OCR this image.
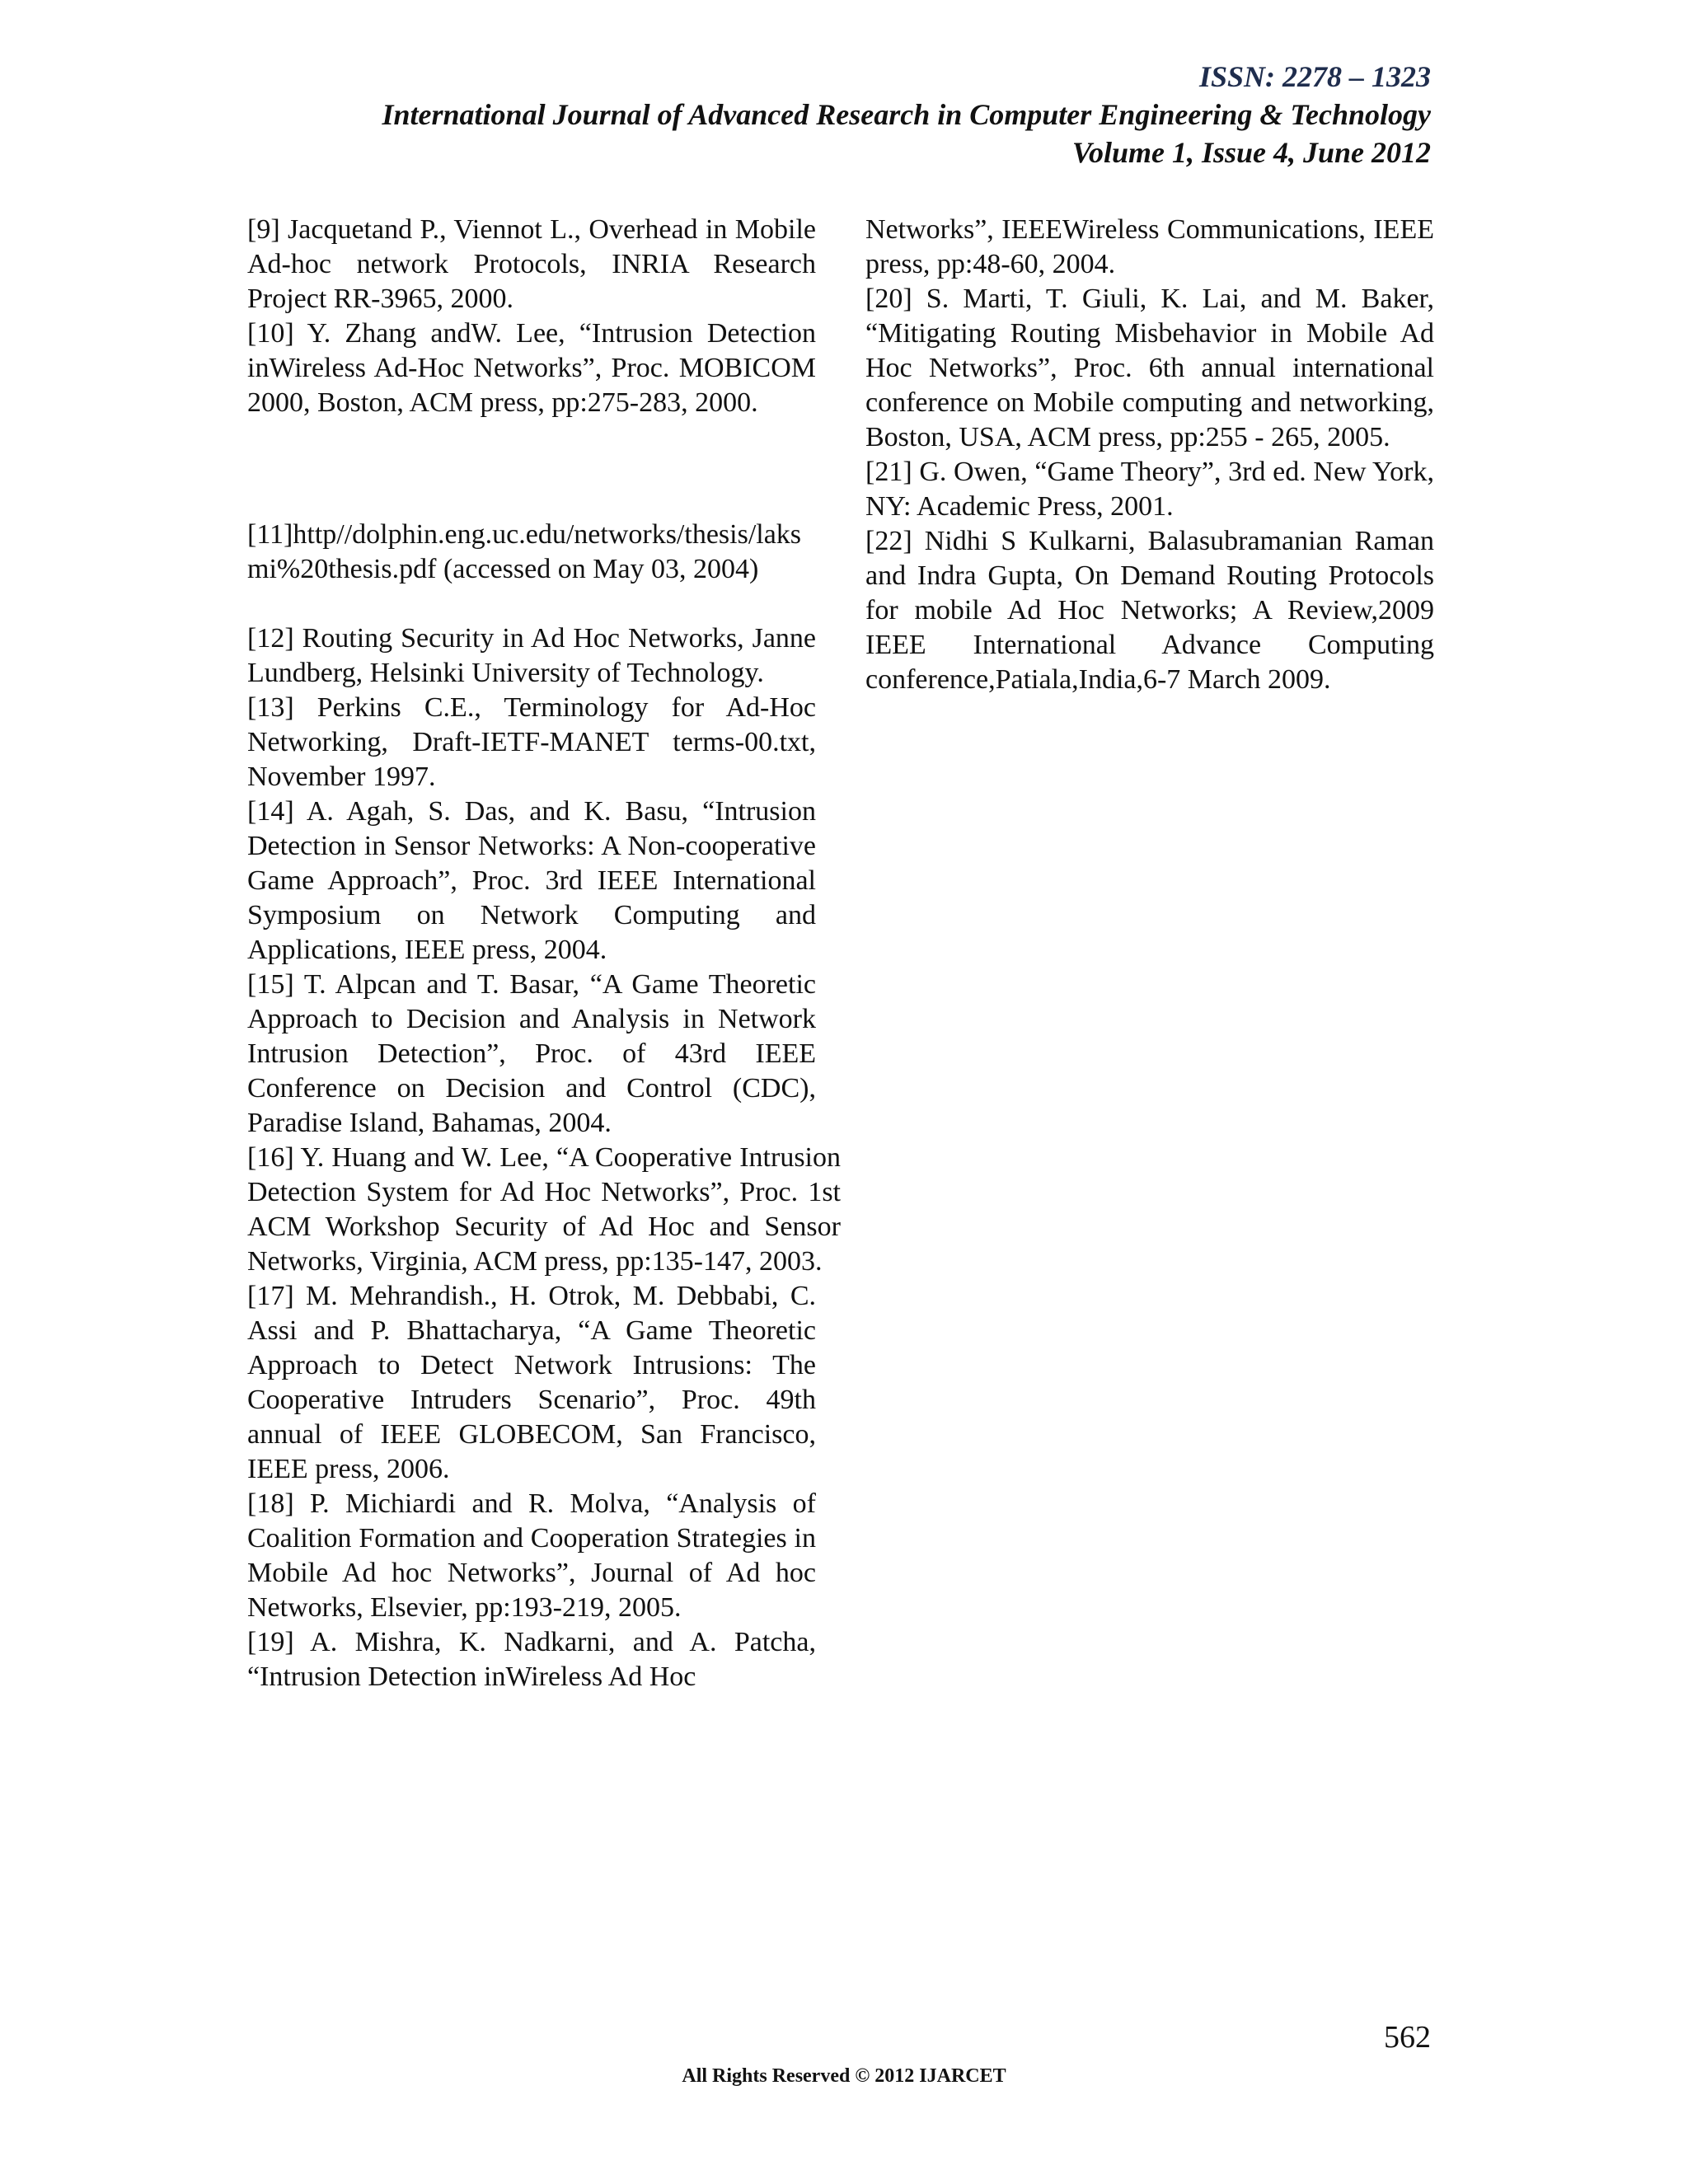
ISSN: 2278 – 1323
International Journal of Advanced Research in Computer Engineering & Technology
Volume 1, Issue 4, June 2012

[9] Jacquetand P., Viennot L., Overhead in Mobile Ad-hoc network Protocols, INRIA Research Project RR-3965, 2000.

[10] Y. Zhang andW. Lee, “Intrusion Detection inWireless Ad-Hoc Networks”, Proc. MOBICOM 2000, Boston, ACM press, pp:275-283, 2000.

[11]http//dolphin.eng.uc.edu/networks/thesis/laksmi%20thesis.pdf (accessed on May 03, 2004)

[12] Routing Security in Ad Hoc Networks, Janne Lundberg, Helsinki University of Technology.

[13] Perkins C.E., Terminology for Ad-Hoc Networking, Draft-IETF-MANET terms-00.txt, November 1997.

[14] A. Agah, S. Das, and K. Basu, “Intrusion Detection in Sensor Networks: A Non-cooperative Game Approach”, Proc. 3rd IEEE International Symposium on Network Computing and Applications, IEEE press, 2004.

[15] T. Alpcan and T. Basar, “A Game Theoretic Approach to Decision and Analysis in Network Intrusion Detection”, Proc. of 43rd IEEE Conference on Decision and Control (CDC), Paradise Island, Bahamas, 2004.

[16] Y. Huang and W. Lee, “A Cooperative Intrusion Detection System for Ad Hoc Networks”, Proc. 1st ACM Workshop Security of Ad Hoc and Sensor Networks, Virginia, ACM press, pp:135-147, 2003.

[17] M. Mehrandish., H. Otrok, M. Debbabi, C. Assi and P. Bhattacharya, “A Game Theoretic Approach to Detect Network Intrusions: The Cooperative Intruders Scenario”, Proc. 49th annual of IEEE GLOBECOM, San Francisco, IEEE press, 2006.

[18] P. Michiardi and R. Molva, “Analysis of Coalition Formation and Cooperation Strategies in Mobile Ad hoc Networks”, Journal of Ad hoc Networks, Elsevier, pp:193-219, 2005.

[19] A. Mishra, K. Nadkarni, and A. Patcha, “Intrusion Detection inWireless Ad Hoc

Networks”, IEEEWireless Communications, IEEE press, pp:48-60, 2004.

[20] S. Marti, T. Giuli, K. Lai, and M. Baker, “Mitigating Routing Misbehavior in Mobile Ad Hoc Networks”, Proc. 6th annual international conference on Mobile computing and networking, Boston, USA, ACM press, pp:255 - 265, 2005.

[21] G. Owen, “Game Theory”, 3rd ed. New York, NY: Academic Press, 2001.

[22] Nidhi S Kulkarni, Balasubramanian Raman and Indra Gupta, On Demand Routing Protocols for mobile Ad Hoc Networks; A Review,2009 IEEE International Advance Computing conference,Patiala,India,6-7 March 2009.

562
All Rights Reserved © 2012 IJARCET
